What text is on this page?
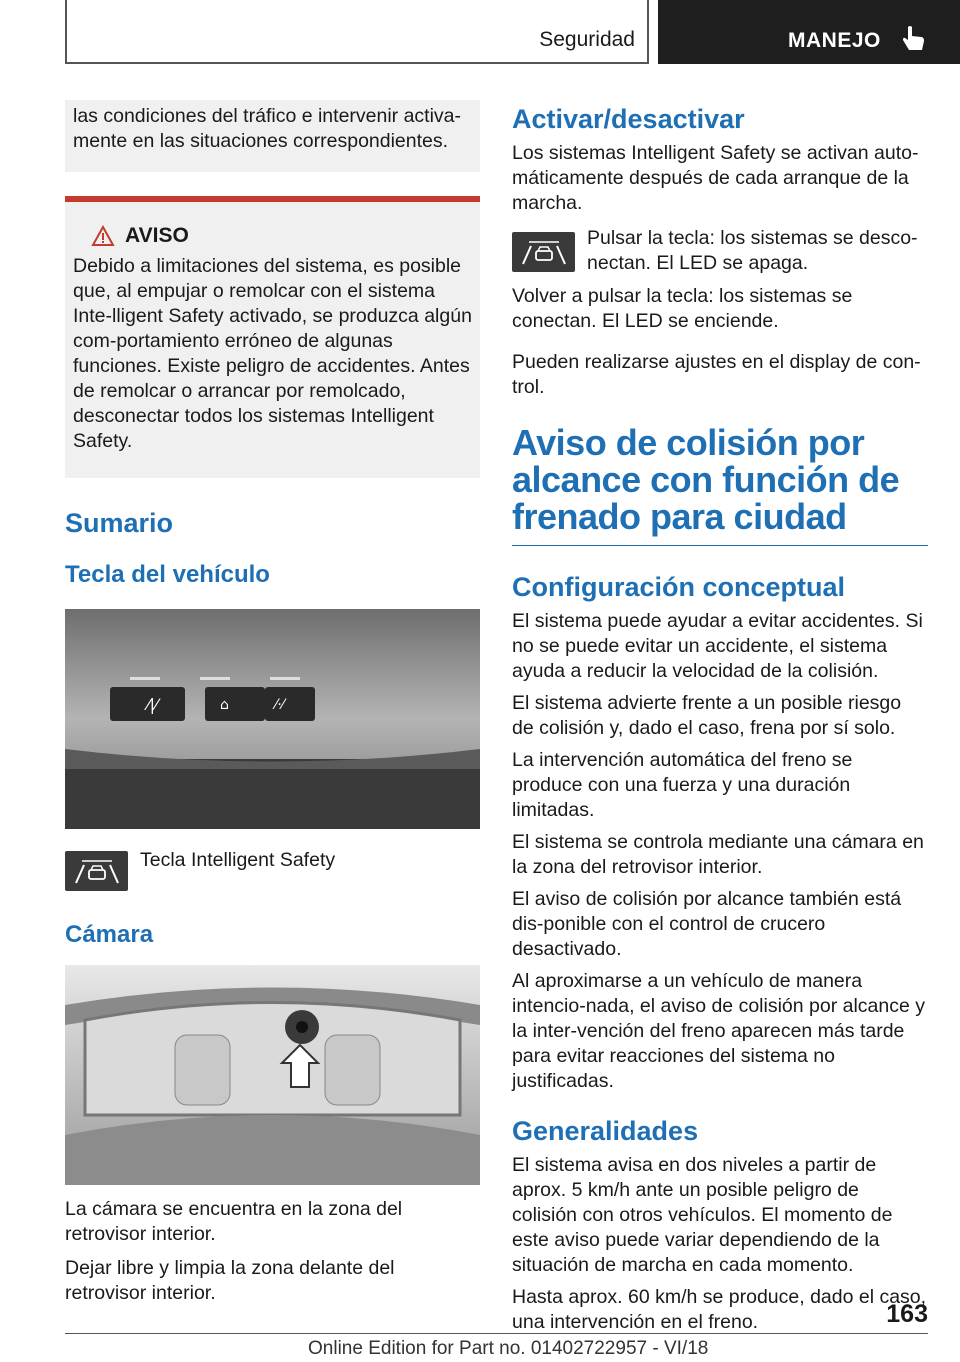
Seguridad	MANEJO

las condiciones del tráfico e intervenir activa-mente en las situaciones correspondientes.

AVISO

Debido a limitaciones del sistema, es posible que, al empujar o remolcar con el sistema Inte-lligent Safety activado, se produzca algún com-portamiento erróneo de algunas funciones. Existe peligro de accidentes. Antes de remolcar o arrancar por remolcado, desconectar todos los sistemas Intelligent Safety.

Sumario
Tecla del vehículo
⁄|⁄	⌂	⁄·⁄

Tecla Intelligent Safety

Cámara

La cámara se encuentra en la zona del retrovisor interior.

Dejar libre y limpia la zona delante del retrovisor interior.

Activar/desactivar

Los sistemas Intelligent Safety se activan auto-máticamente después de cada arranque de la marcha.

Pulsar la tecla: los sistemas se desco-nectan. El LED se apaga.

Volver a pulsar la tecla: los sistemas se conectan. El LED se enciende.

Pueden realizarse ajustes en el display de con-trol.

Aviso de colisión por alcance con función de frenado para ciudad
Configuración conceptual

El sistema puede ayudar a evitar accidentes. Si no se puede evitar un accidente, el sistema ayuda a reducir la velocidad de la colisión.

El sistema advierte frente a un posible riesgo de colisión y, dado el caso, frena por sí solo.

La intervención automática del freno se produce con una fuerza y una duración limitadas.

El sistema se controla mediante una cámara en la zona del retrovisor interior.

El aviso de colisión por alcance también está dis-ponible con el control de crucero desactivado.

Al aproximarse a un vehículo de manera intencio-nada, el aviso de colisión por alcance y la inter-vención del freno aparecen más tarde para evitar reacciones del sistema no justificadas.

Generalidades

El sistema avisa en dos niveles a partir de aprox. 5 km/h ante un posible peligro de colisión con otros vehículos. El momento de este aviso puede variar dependiendo de la situación de marcha en cada momento.

Hasta aprox. 60 km/h se produce, dado el caso, una intervención en el freno.	163
Online Edition for Part no. 01402722957 - VI/18
